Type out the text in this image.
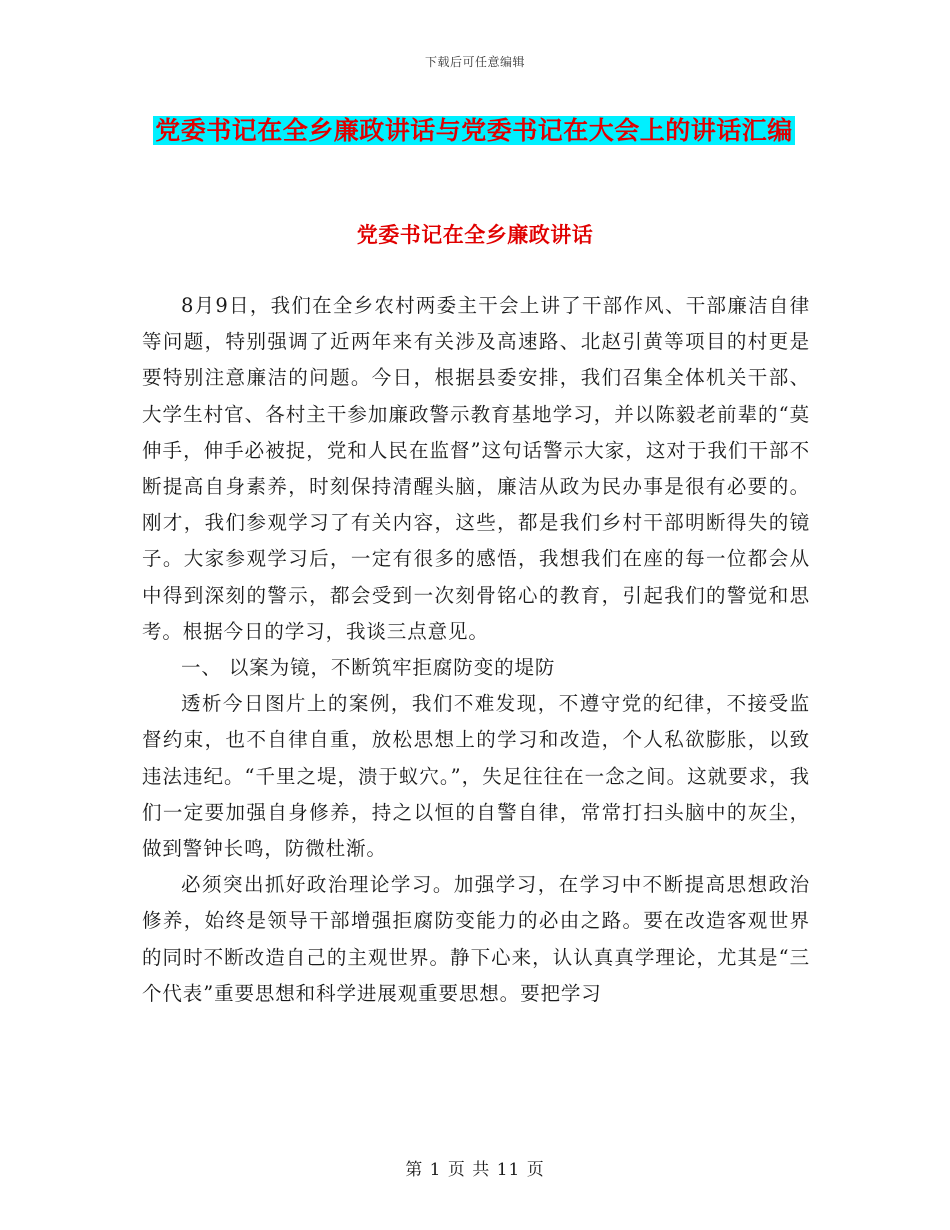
下载后可任意编辑
党委书记在全乡廉政讲话与党委书记在大会上的讲话汇编
党委书记在全乡廉政讲话

8月9日，我们在全乡农村两委主干会上讲了干部作风、干部廉洁自律等问题，特别强调了近两年来有关涉及高速路、北赵引黄等项目的村更是要特别注意廉洁的问题。今日，根据县委安排，我们召集全体机关干部、大学生村官、各村主干参加廉政警示教育基地学习，并以陈毅老前辈的“莫伸手，伸手必被捉，党和人民在监督”这句话警示大家，这对于我们干部不断提高自身素养，时刻保持清醒头脑，廉洁从政为民办事是很有必要的。刚才，我们参观学习了有关内容，这些，都是我们乡村干部明断得失的镜子。大家参观学习后，一定有很多的感悟，我想我们在座的每一位都会从中得到深刻的警示，都会受到一次刻骨铭心的教育，引起我们的警觉和思考。根据今日的学习，我谈三点意见。

一、 以案为镜，不断筑牢拒腐防变的堤防

透析今日图片上的案例，我们不难发现，不遵守党的纪律，不接受监督约束，也不自律自重，放松思想上的学习和改造，个人私欲膨胀，以致违法违纪。“千里之堤，溃于蚁穴。”，失足往往在一念之间。这就要求，我们一定要加强自身修养，持之以恒的自警自律，常常打扫头脑中的灰尘，做到警钟长鸣，防微杜渐。

必须突出抓好政治理论学习。加强学习，在学习中不断提高思想政治修养，始终是领导干部增强拒腐防变能力的必由之路。要在改造客观世界的同时不断改造自己的主观世界。静下心来，认认真真学理论，尤其是“三个代表”重要思想和科学进展观重要思想。要把学习

第 1 页 共 11 页
